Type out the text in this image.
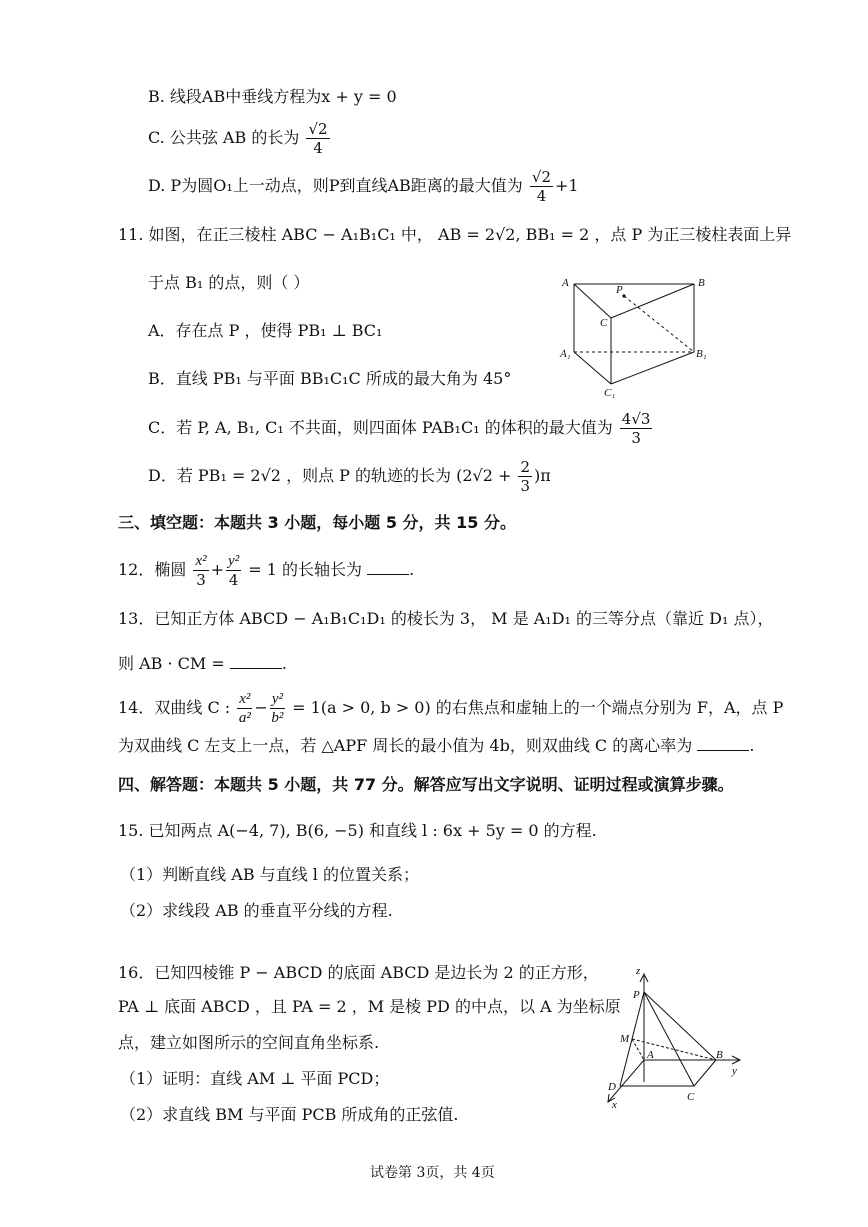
B. 线段AB中垂线方程为x + y = 0
C. 公共弦 AB 的长为 $\frac{√2}{4}$
D. P为圆O₁上一动点，则P到直线AB距离的最大值为 $\frac{√2}{4} +1$
11. 如图，在正三棱柱 ABC − A₁B₁C₁ 中， AB = 2√2, BB₁ = 2 ，点 P 为正三棱柱表面上异
于点 B₁ 的点，则（ ）
A．存在点 P ，使得 PB₁ ⊥ BC₁
B．直线 PB₁ 与平面 BB₁C₁C 所成的最大角为 45°
C．若 P, A, B₁, C₁ 不共面，则四面体 PAB₁C₁ 的体积的最大值为 $\frac{4√3}{3}$
D．若 PB₁ = 2√2 ，则点 P 的轨迹的长为 $(2√2 + \frac{2}{3} )\pi$
A	B
P
C
A₁	B₁
C₁
三、填空题：本题共 3 小题，每小题 5 分，共 15 分。
12．椭圆 $\frac{\text{x²}}{3} + \frac{\text{y²}}{4} = 1$ 的长轴长为	.
13．已知正方体 ABCD − A₁B₁C₁D₁ 的棱长为 3， M 是 A₁D₁ 的三等分点（靠近 D₁ 点），
则 AB · CM =	.
14．双曲线 C : $\frac{\text{x²}}{\text{a²}} - \frac{\text{y²}}{\text{b²}} = 1(a > 0$, b > 0) 的右焦点和虚轴上的一个端点分别为 F，A，点 P
为双曲线 C 左支上一点，若 △APF 周长的最小值为 4b，则双曲线 C 的离心率为	.
四、解答题：本题共 5 小题，共 77 分。解答应写出文字说明、证明过程或演算步骤。
15. 已知两点 A(−4, 7), B(6, −5) 和直线 l : 6x + 5y = 0 的方程.
（1）判断直线 AB 与直线 l 的位置关系；
（2）求线段 AB 的垂直平分线的方程.
16．已知四棱锥 P − ABCD 的底面 ABCD 是边长为 2 的正方形，
PA ⊥ 底面 ABCD ，且 PA = 2 ，M 是棱 PD 的中点，以 A 为坐标原
点，建立如图所示的空间直角坐标系.
（1）证明：直线 AM ⊥ 平面 PCD；
（2）求直线 BM 与平面 PCB 所成角的正弦值.
z
P
M
A	B
C
D
x
y
试卷第 3页，共 4页
